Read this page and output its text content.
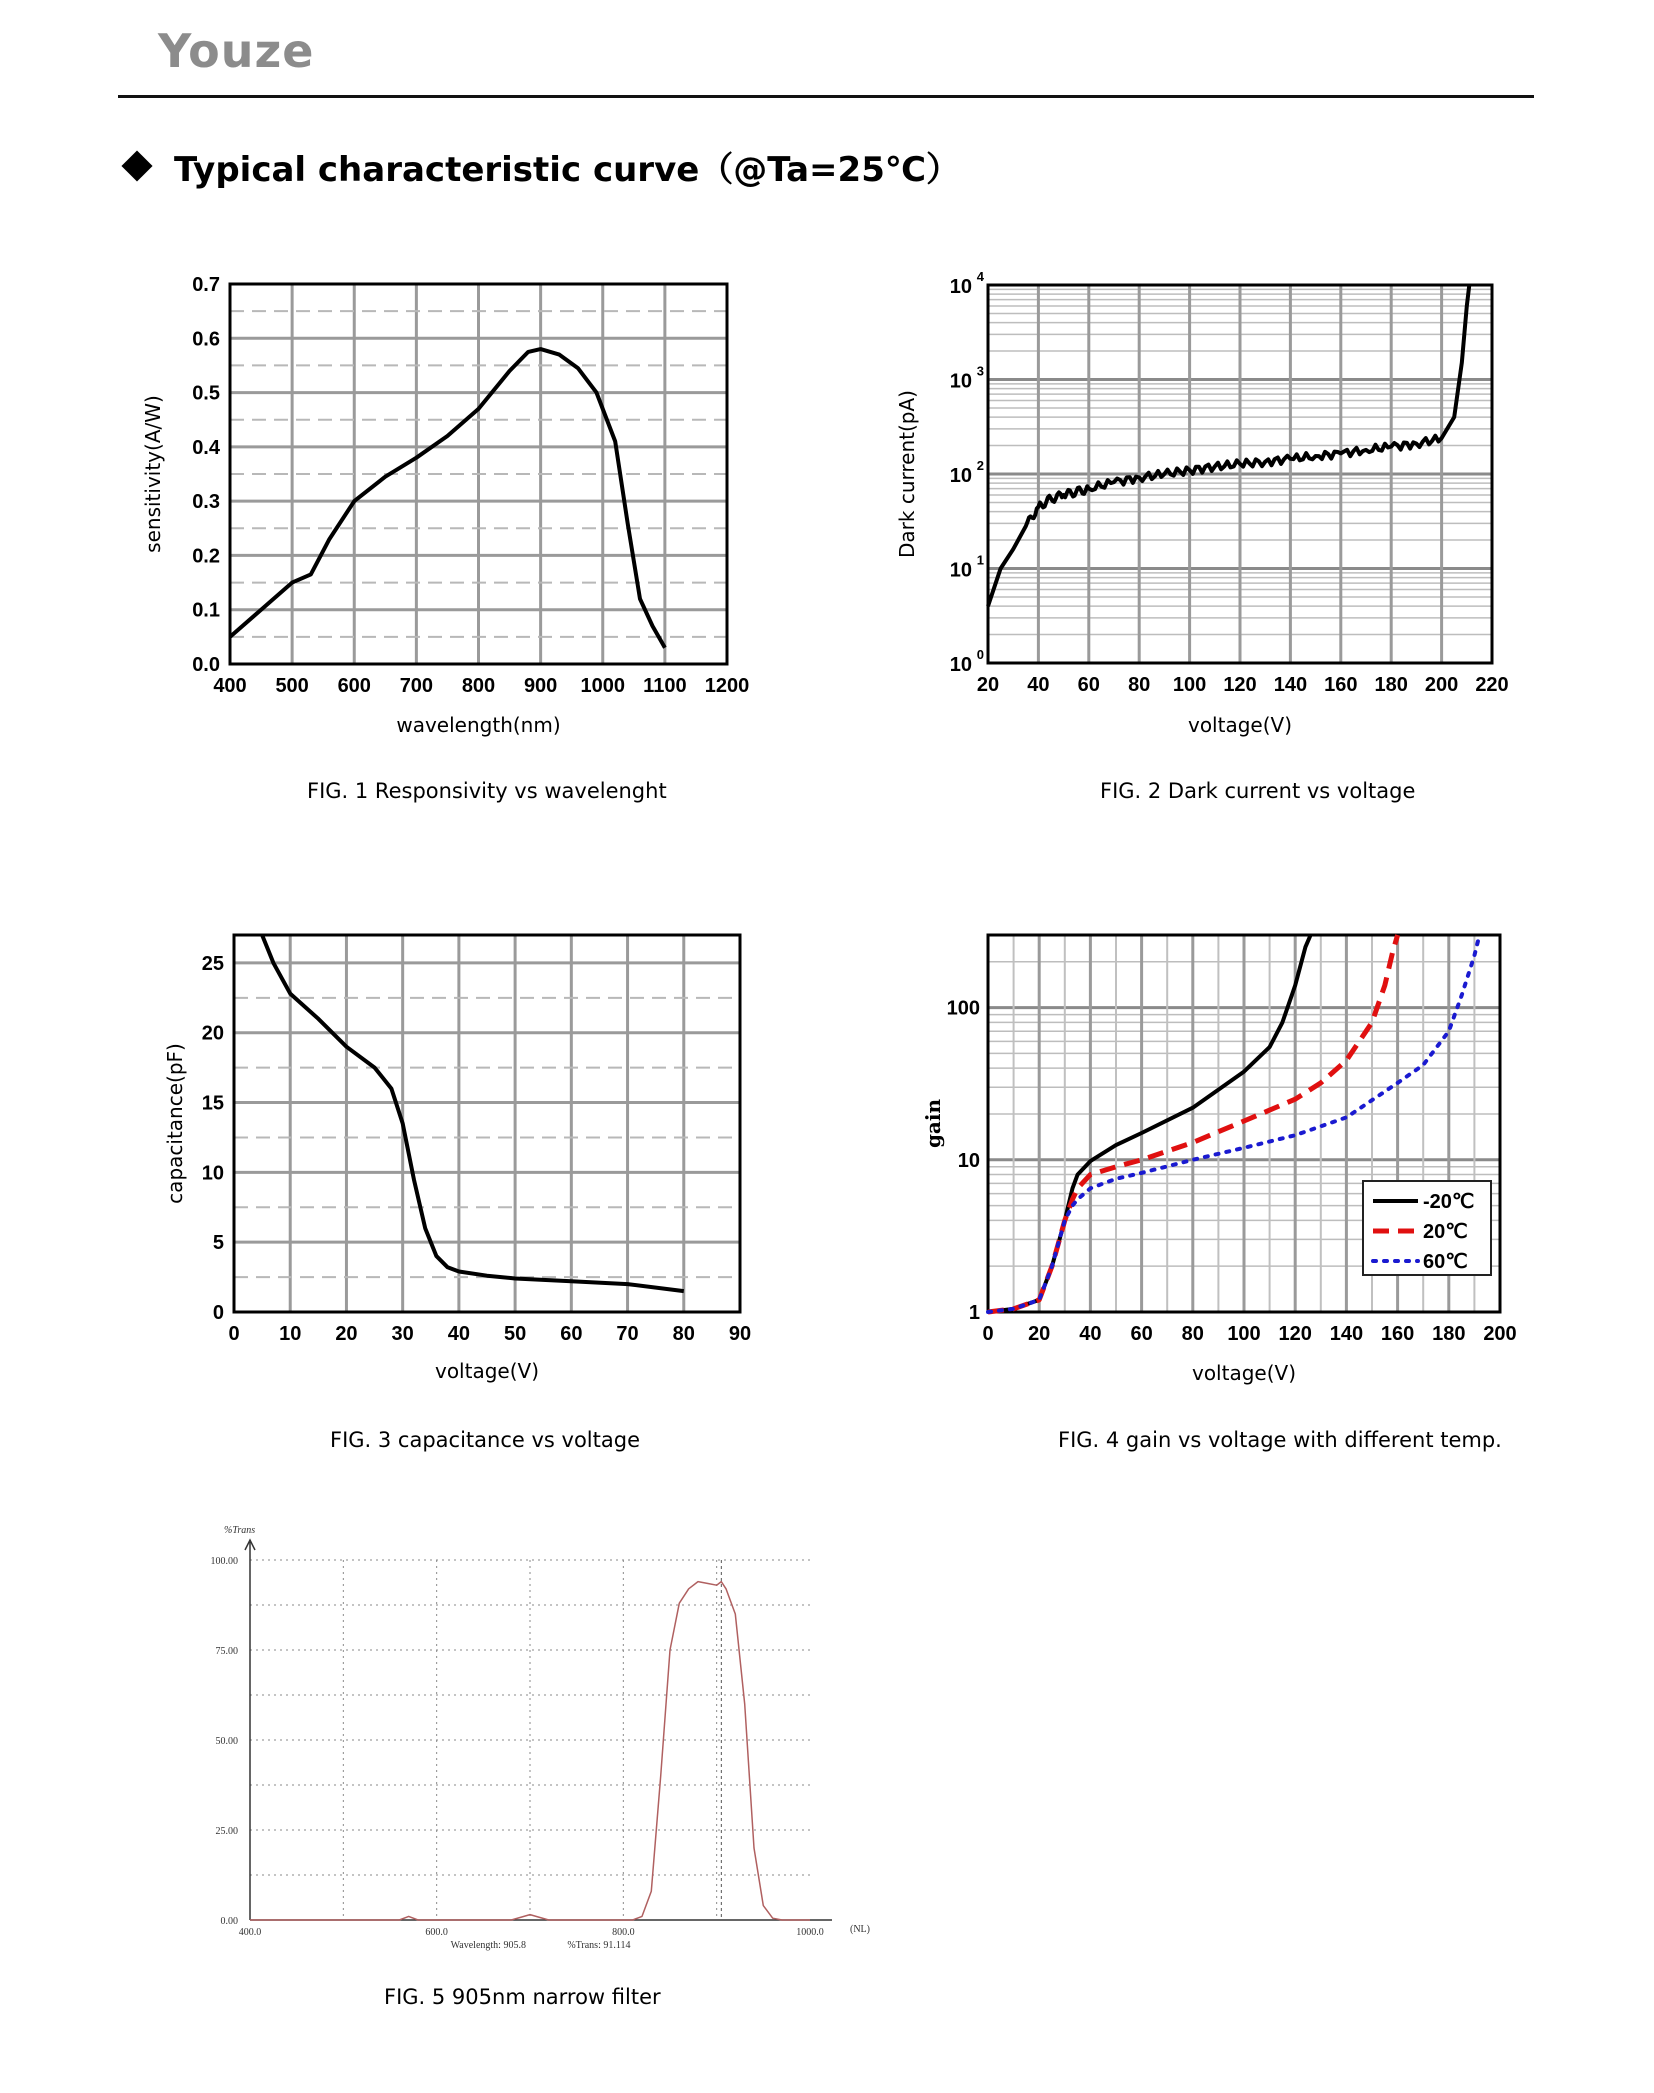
Youze
Typical characteristic curve（@Ta=25℃）
400 500 600 700 800 900 1000 1100 1200
0.0
0.1
0.2
0.3
0.4
0.5
0.6
0.7
wavelength(nm)
sensitivity(A/W)
20 40 60 80 100 120 140 160 180 200 220
10 0
10 1
10 2
10 3
10 4
voltage(V)
Dark current(pA)
0 10 20 30 40 50 60 70 80 90
0
5
10
15
20
25
voltage(V)
capacitance(pF)
0 20 40 60 80 100 120 140 160 180 200
1
10
100
voltage(V)
gain
-20℃
20℃
60℃
%Trans
0.00
25.00
50.00
75.00
100.00
400.0	600.0	800.0	1000.0	(NL)
Wavelength: 905.8	%Trans: 91.114
FIG. 1 Responsivity vs wavelenght	FIG. 2 Dark current vs voltage
FIG. 3 capacitance vs voltage	FIG. 4 gain vs voltage with different temp.
FIG. 5 905nm narrow filter
